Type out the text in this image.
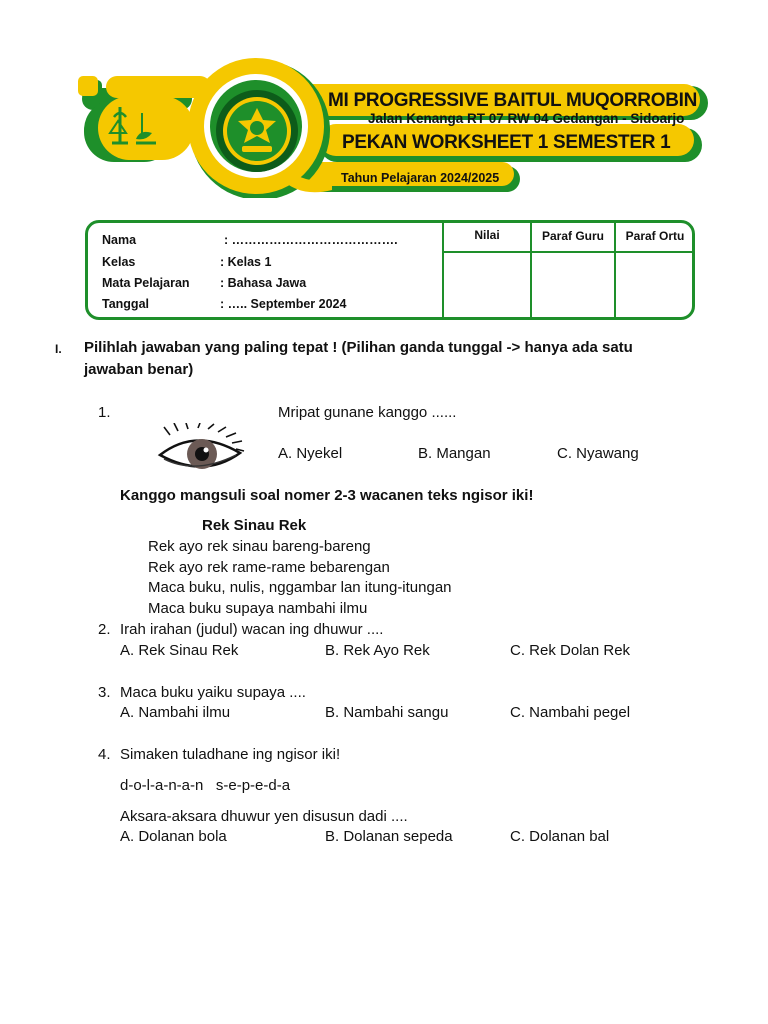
MI PROGRESSIVE BAITUL MUQORROBIN
Jalan Kenanga RT 07 RW 04 Gedangan - Sidoarjo
PEKAN WORKSHEET 1 SEMESTER 1
Tahun Pelajaran 2024/2025
Nama	: ………………………………….
Kelas	: Kelas 1
Mata Pelajaran : Bahasa Jawa
Tanggal	: ….. September 2024
Nilai	Paraf Guru	Paraf Ortu
I. Pilihlah jawaban yang paling tepat ! (Pilihan ganda tunggal -> hanya ada satu
jawaban benar)
1.	Mripat gunane kanggo ......
A. Nyekel	B. Mangan	C. Nyawang
Kanggo mangsuli soal nomer 2-3 wacanen teks ngisor iki!
Rek Sinau Rek
Rek ayo rek sinau bareng-bareng
Rek ayo rek rame-rame bebarengan
Maca buku, nulis, nggambar lan itung-itungan
Maca buku supaya nambahi ilmu
2. Irah irahan (judul) wacan ing dhuwur ....
A. Rek Sinau Rek	B. Rek Ayo Rek	C. Rek Dolan Rek
3. Maca buku yaiku supaya ....
A. Nambahi ilmu	B. Nambahi sangu	C. Nambahi pegel
4. Simaken tuladhane ing ngisor iki!
d-o-l-a-n-a-n   s-e-p-e-d-a
Aksara-aksara dhuwur yen disusun dadi ....
A. Dolanan bola	B. Dolanan sepeda	C. Dolanan bal
